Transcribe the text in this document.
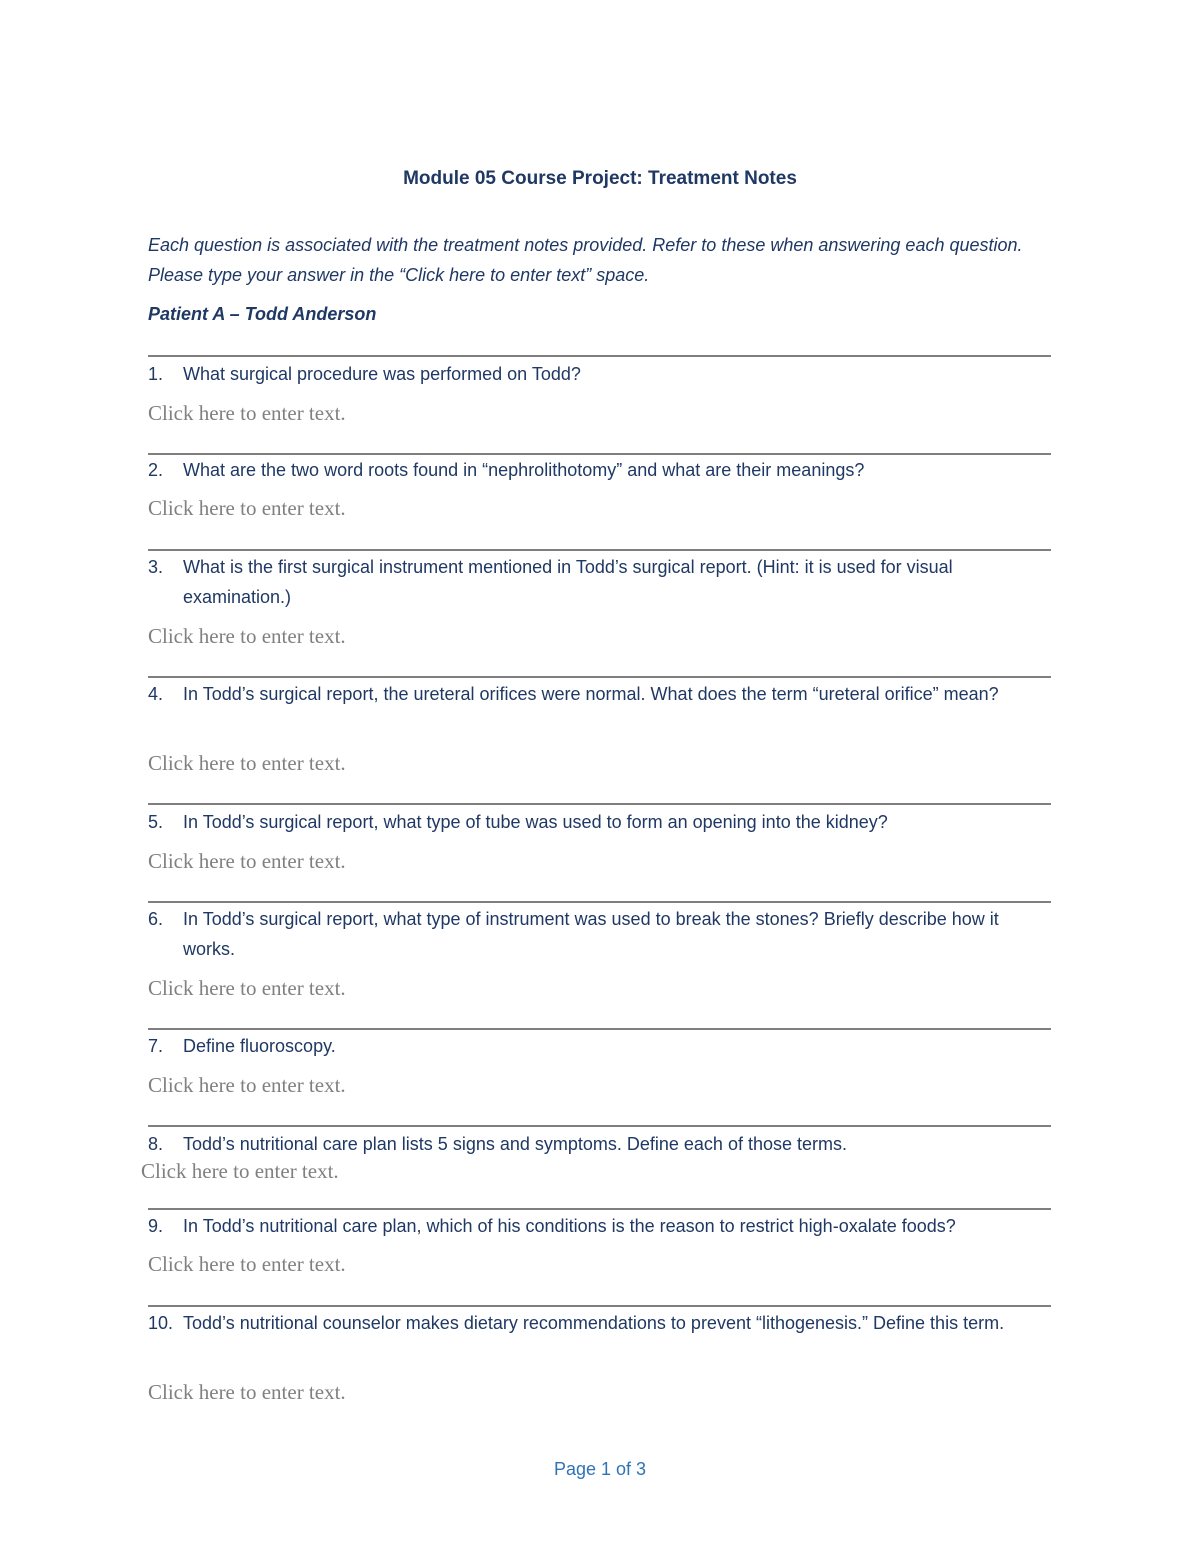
Module 05 Course Project: Treatment Notes
Each question is associated with the treatment notes provided. Refer to these when answering each question. Please type your answer in the “Click here to enter text” space.
Patient A – Todd Anderson
1. What surgical procedure was performed on Todd?
Click here to enter text.
2. What are the two word roots found in “nephrolithotomy” and what are their meanings?
Click here to enter text.
3. What is the first surgical instrument mentioned in Todd’s surgical report. (Hint: it is used for visual examination.)
Click here to enter text.
4. In Todd’s surgical report, the ureteral orifices were normal. What does the term “ureteral orifice” mean?
Click here to enter text.
5. In Todd’s surgical report, what type of tube was used to form an opening into the kidney?
Click here to enter text.
6. In Todd’s surgical report, what type of instrument was used to break the stones? Briefly describe how it works.
Click here to enter text.
7. Define fluoroscopy.
Click here to enter text.
8. Todd’s nutritional care plan lists 5 signs and symptoms. Define each of those terms.
Click here to enter text.
9. In Todd’s nutritional care plan, which of his conditions is the reason to restrict high-oxalate foods?
Click here to enter text.
10. Todd’s nutritional counselor makes dietary recommendations to prevent “lithogenesis.” Define this term.
Click here to enter text.
Page 1 of 3
